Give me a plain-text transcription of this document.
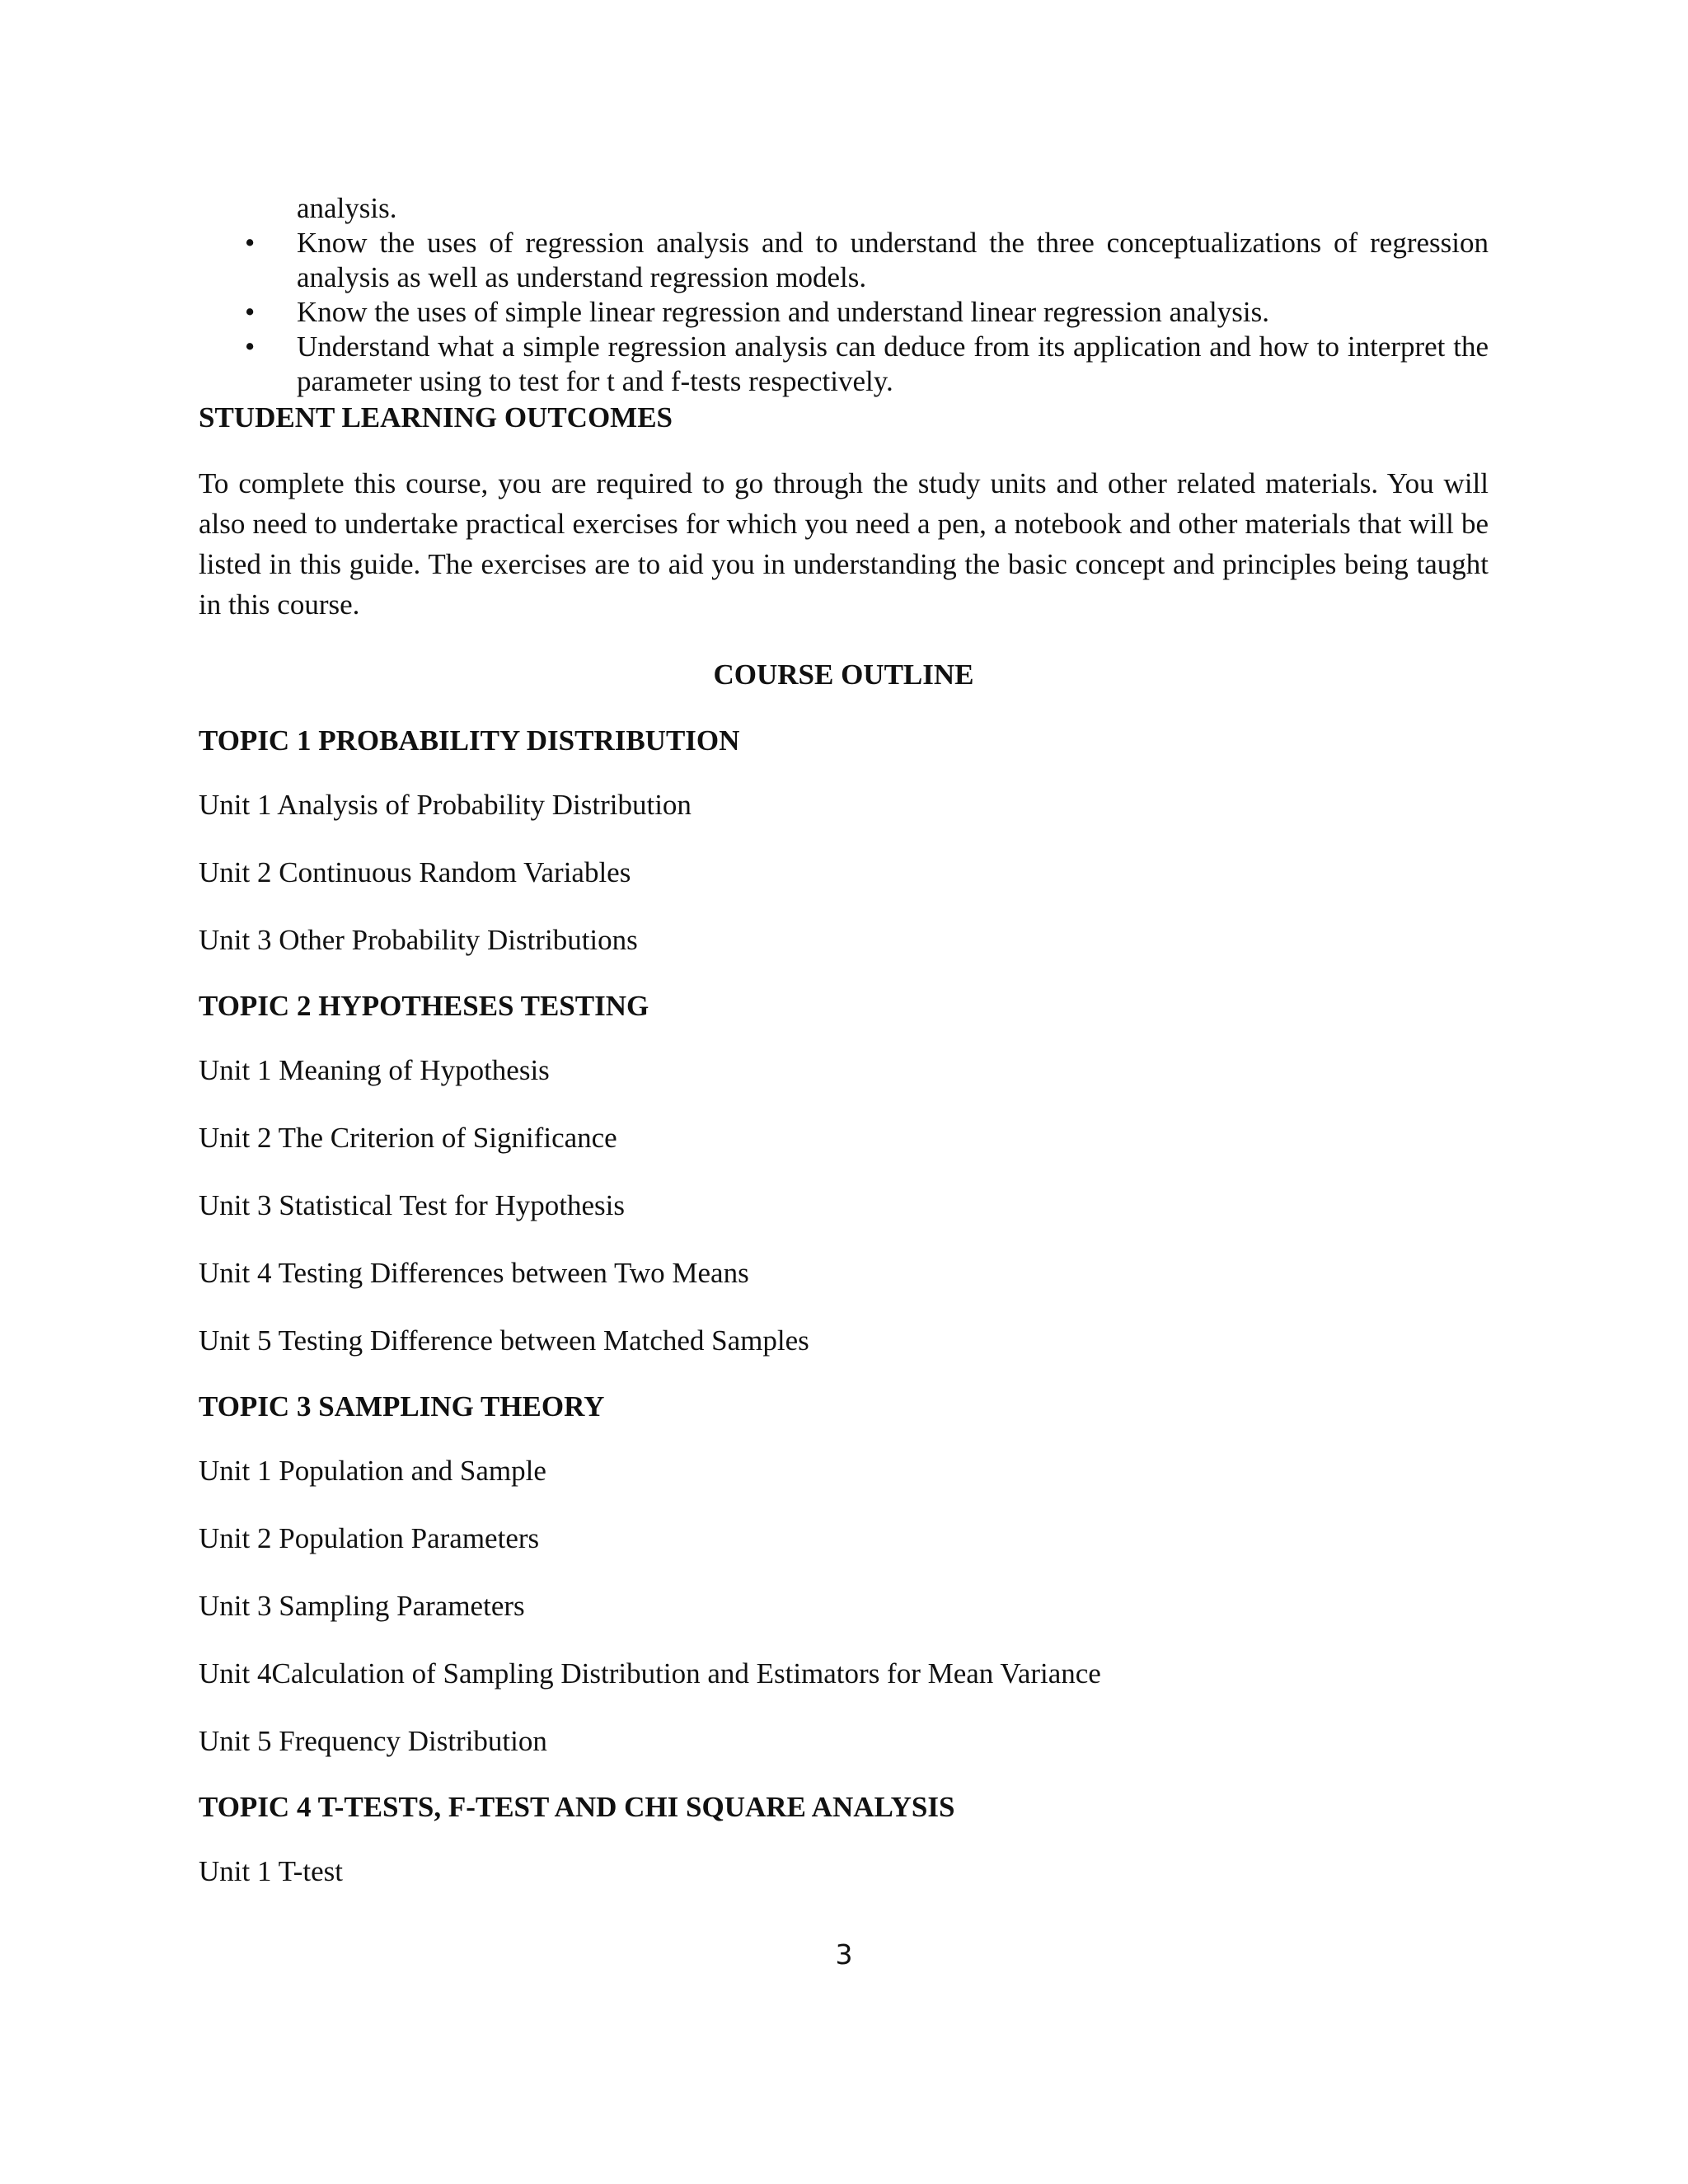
analysis.
• Know the uses of regression analysis and to understand the three conceptualizations of regression analysis as well as understand regression models.
• Know the uses of simple linear regression and understand linear regression analysis.
• Understand what a simple regression analysis can deduce from its application and how to interpret the parameter using to test for t and f-tests respectively.
STUDENT LEARNING OUTCOMES

To complete this course, you are required to go through the study units and other related materials. You will also need to undertake practical exercises for which you need a pen, a notebook and other materials that will be listed in this guide. The exercises are to aid you in understanding the basic concept and principles being taught in this course.

COURSE OUTLINE
TOPIC 1 PROBABILITY DISTRIBUTION
Unit 1 Analysis of Probability Distribution
Unit 2 Continuous Random Variables
Unit 3 Other Probability Distributions
TOPIC 2 HYPOTHESES TESTING
Unit 1 Meaning of Hypothesis
Unit 2 The Criterion of Significance
Unit 3 Statistical Test for Hypothesis
Unit 4 Testing Differences between Two Means
Unit 5 Testing Difference between Matched Samples
TOPIC 3 SAMPLING THEORY
Unit 1 Population and Sample
Unit 2 Population Parameters
Unit 3 Sampling Parameters
Unit 4Calculation of Sampling Distribution and Estimators for Mean Variance
Unit 5 Frequency Distribution
TOPIC 4 T-TESTS, F-TEST AND CHI SQUARE ANALYSIS
Unit 1 T-test
3
